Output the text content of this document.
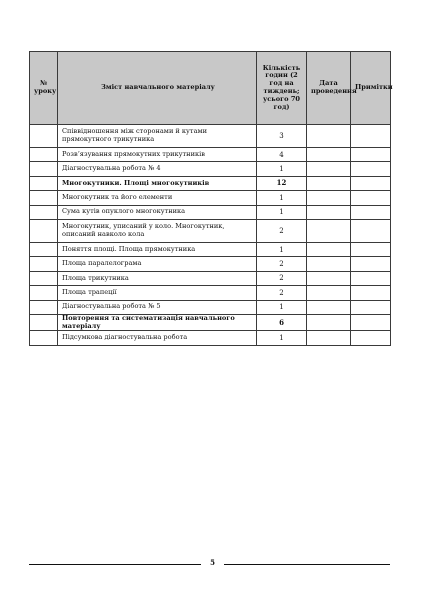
№ уроку	Зміст навчального матеріалу	Кількість годин (2 год на тиждень; усього 70 год)	Дата проведення	Примітки
	Співвідношення між сторонами й кутами прямокутного трикутника	3		
	Розв’язування прямокутних трикутників	4		
	Діагностувальна робота № 4	1		
	Многокутники. Площі многокутників	12		
	Многокутник та його елементи	1		
	Сума кутів опуклого многокутника	1		
	Многокутник, уписаний у коло. Многокутник, описаний навколо кола	2		
	Поняття площі. Площа прямокутника	1		
	Площа паралелограма	2		
	Площа трикутника	2		
	Площа трапеції	2		
	Діагностувальна робота № 5	1		
	Повторення та систематизація навчального матеріалу	6		
	Підсумкова діагностувальна робота	1		
5
